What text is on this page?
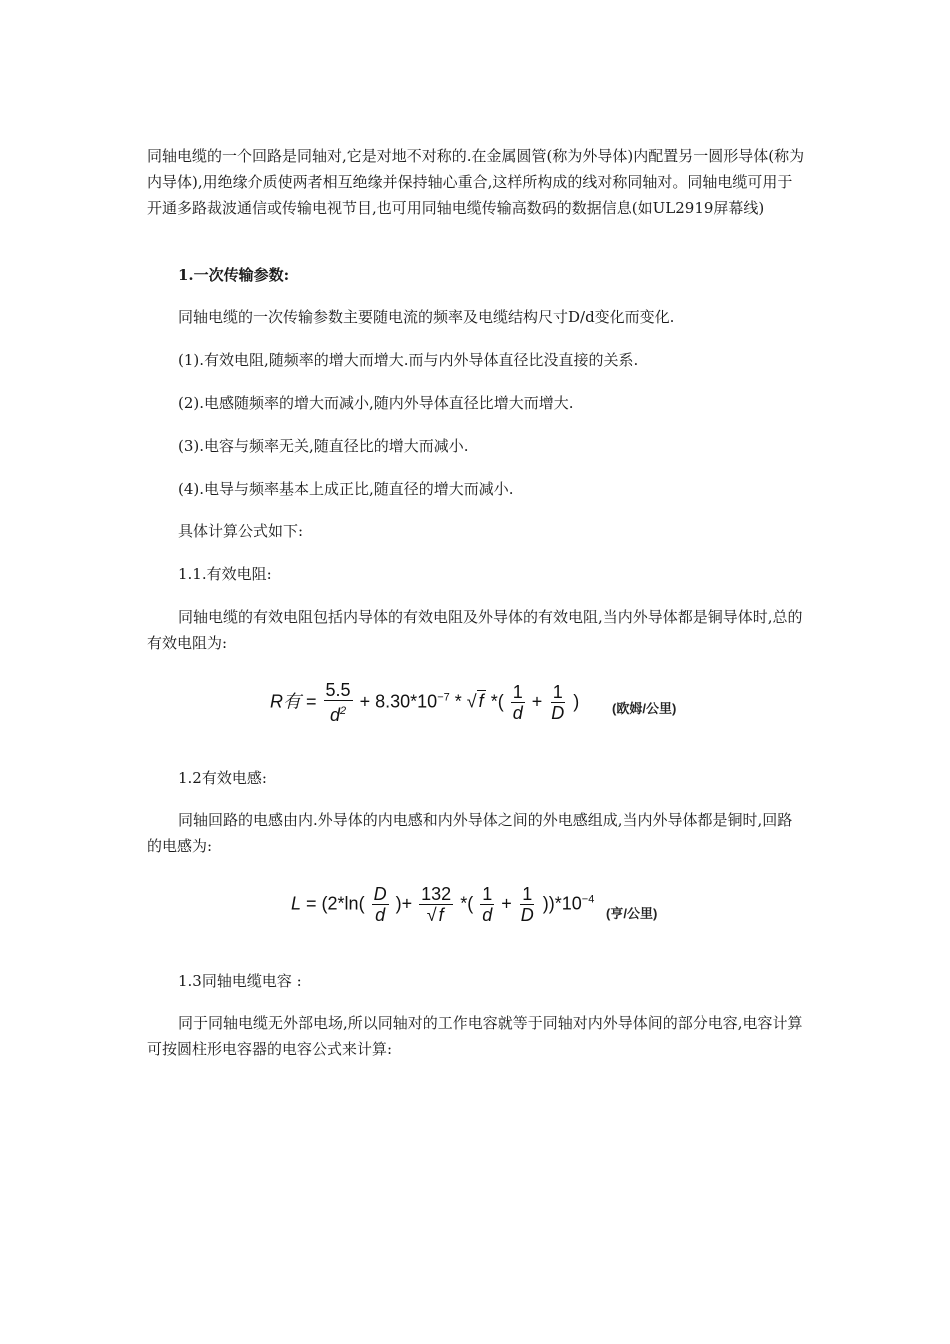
同轴电缆的一个回路是同轴对,它是对地不对称的.在金属圆管(称为外导体)内配置另一圆形导体(称为内导体),用绝缘介质使两者相互绝缘并保持轴心重合,这样所构成的线对称同轴对。同轴电缆可用于开通多路裁波通信或传输电视节目,也可用同轴电缆传输高数码的数据信息(如UL2919屏幕线)

1.一次传输参数:

同轴电缆的一次传输参数主要随电流的频率及电缆结构尺寸D/d变化而变化.

(1).有效电阻,随频率的增大而增大.而与内外导体直径比没直接的关系.

(2).电感随频率的增大而减小,随内外导体直径比增大而增大.

(3).电容与频率无关,随直径比的增大而减小.

(4).电导与频率基本上成正比,随直径的增大而减小.

具体计算公式如下:

1.1.有效电阻:

同轴电缆的有效电阻包括内导体的有效电阻及外导体的有效电阻,当内外导体都是铜导体时,总的有效电阻为:

R有 = $\frac{5.5}{d^2} + 8.30*10^{-7}$ * √ f *( $\frac{1}{d} + \frac{1}{D}$ )	(欧姆/公里)

1.2有效电感:

同轴回路的电感由内.外导体的内电感和内外导体之间的外电感组成,当内外导体都是铜时,回路的电感为:

$L = (2*\ln( \frac{D}{d}$ )+ $\frac{132}{√ f}$ *( $\frac{1}{d} + \frac{1}{D} ))*10^{-4}$
(亨/公里)

1.3同轴电缆电容 :

同于同轴电缆无外部电场,所以同轴对的工作电容就等于同轴对内外导体间的部分电容,电容计算可按圆柱形电容器的电容公式来计算:
